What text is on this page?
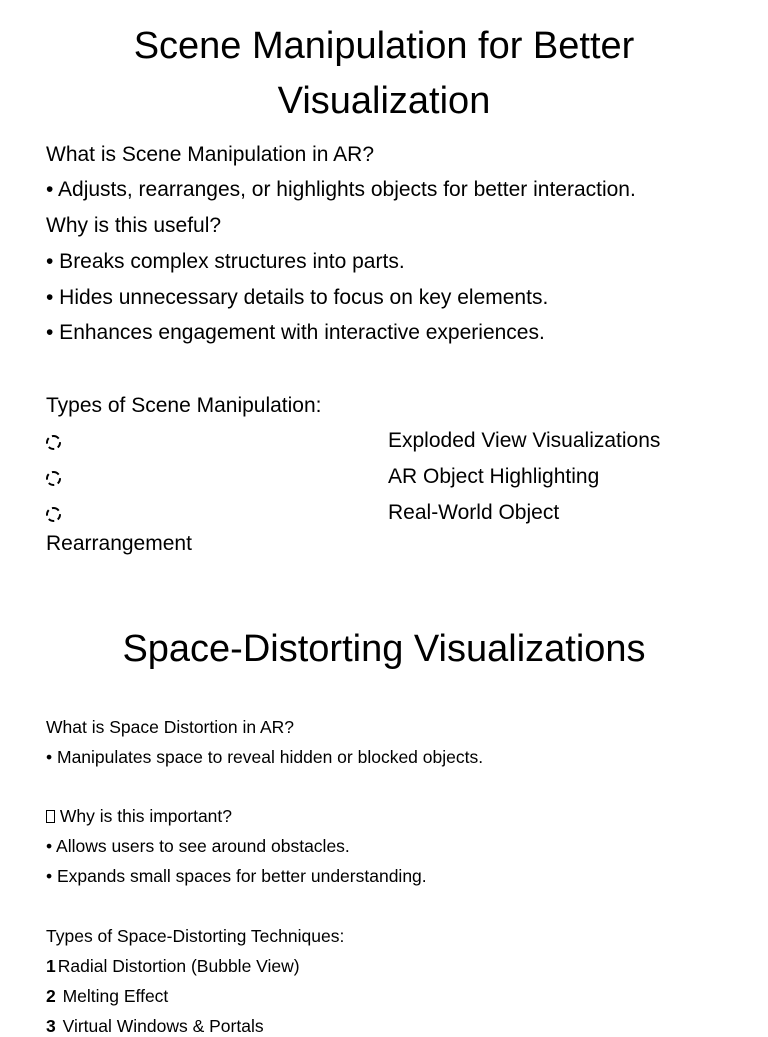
Scene Manipulation for Better
Visualization
What is Scene Manipulation in AR?
• Adjusts, rearranges, or highlights objects for better interaction.
Why is this useful?
• Breaks complex structures into parts.
• Hides unnecessary details to focus on key elements.
• Enhances engagement with interactive experiences.
Types of Scene Manipulation:
Exploded View Visualizations
AR Object Highlighting
Real-World Object
Rearrangement
Space-Distorting Visualizations
What is Space Distortion in AR?
• Manipulates space to reveal hidden or blocked objects.
Why is this important?
• Allows users to see around obstacles.
• Expands small spaces for better understanding.
Types of Space-Distorting Techniques:
1 Radial Distortion (Bubble View)
2 Melting Effect
3 Virtual Windows & Portals
